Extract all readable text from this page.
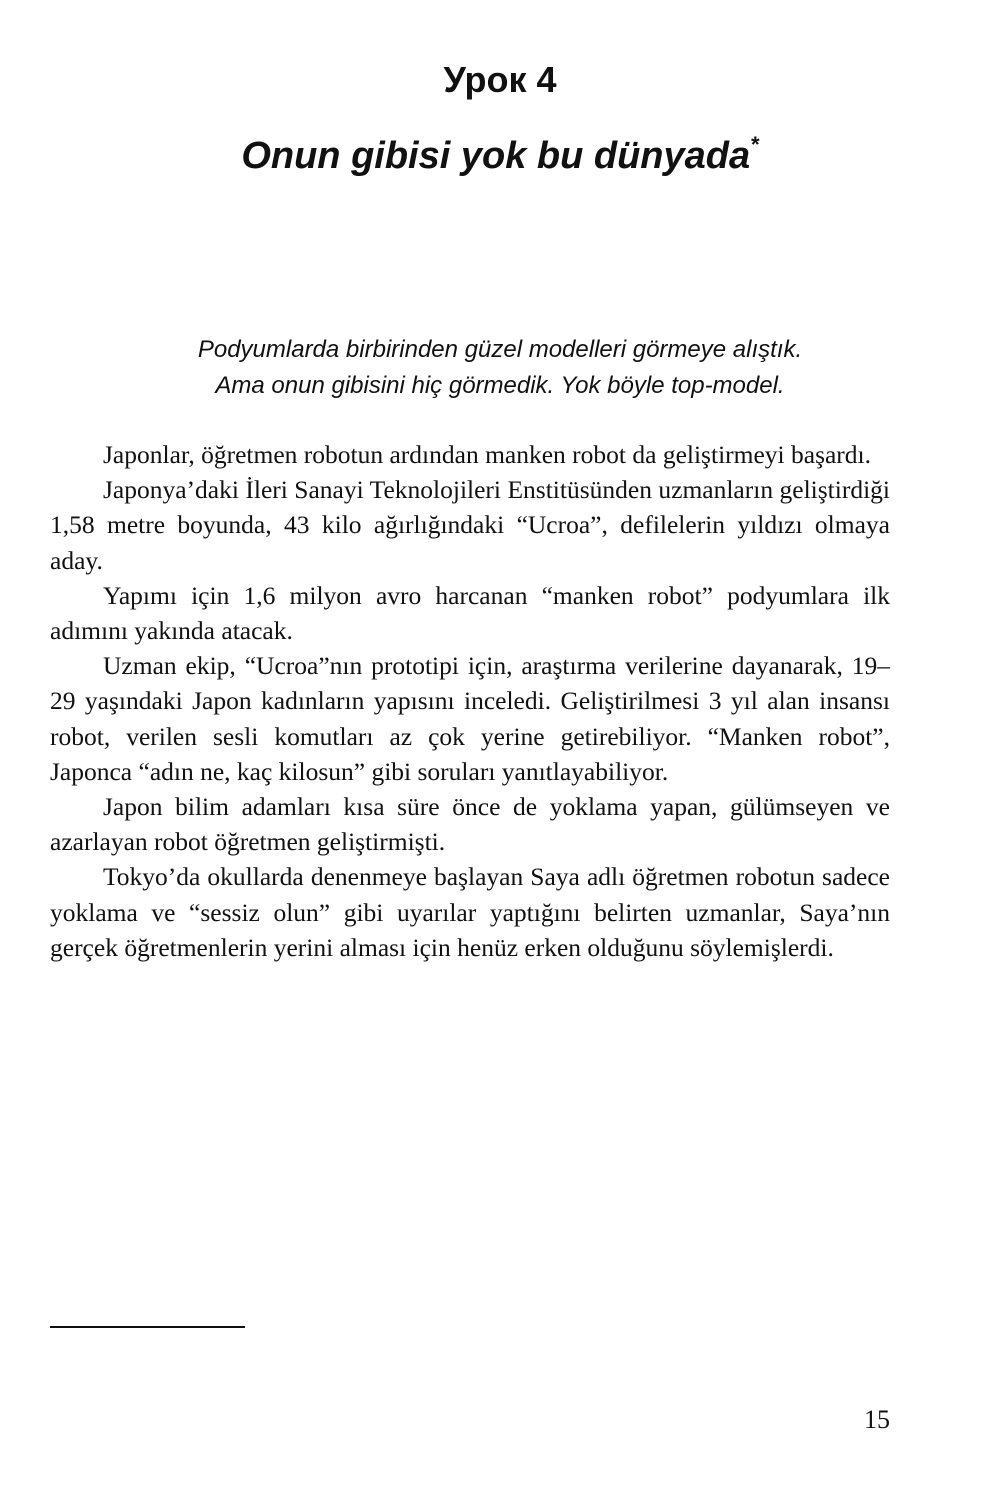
Урок 4
Onun gibisi yok bu dünyada*
Podyumlarda birbirinden güzel modelleri görmeye alıştık.
Ama onun gibisini hiç görmedik. Yok böyle top-model.

Japonlar, öğretmen robotun ardından manken robot da geliştirmeyi başardı.

Japonya’daki İleri Sanayi Teknolojileri Enstitüsünden uzmanların geliştirdiği 1,58 metre boyunda, 43 kilo ağırlığındaki “Ucroa”, defilelerin yıldızı olmaya aday.

Yapımı için 1,6 milyon avro harcanan “manken robot” podyumlara ilk adımını yakında atacak.

Uzman ekip, “Ucroa”nın prototipi için, araştırma verilerine dayanarak, 19–29 yaşındaki Japon kadınların yapısını inceledi. Geliştirilmesi 3 yıl alan insansı robot, verilen sesli komutları az çok yerine getirebiliyor. “Manken robot”, Japonca “adın ne, kaç kilosun” gibi soruları yanıtlayabiliyor.

Japon bilim adamları kısa süre önce de yoklama yapan, gülümseyen ve azarlayan robot öğretmen geliştirmişti.

Tokyo’da okullarda denenmeye başlayan Saya adlı öğretmen robotun sadece yoklama ve “sessiz olun” gibi uyarılar yaptığını belirten uzmanlar, Saya’nın gerçek öğretmenlerin yerini alması için henüz erken olduğunu söylemişlerdi.

15
